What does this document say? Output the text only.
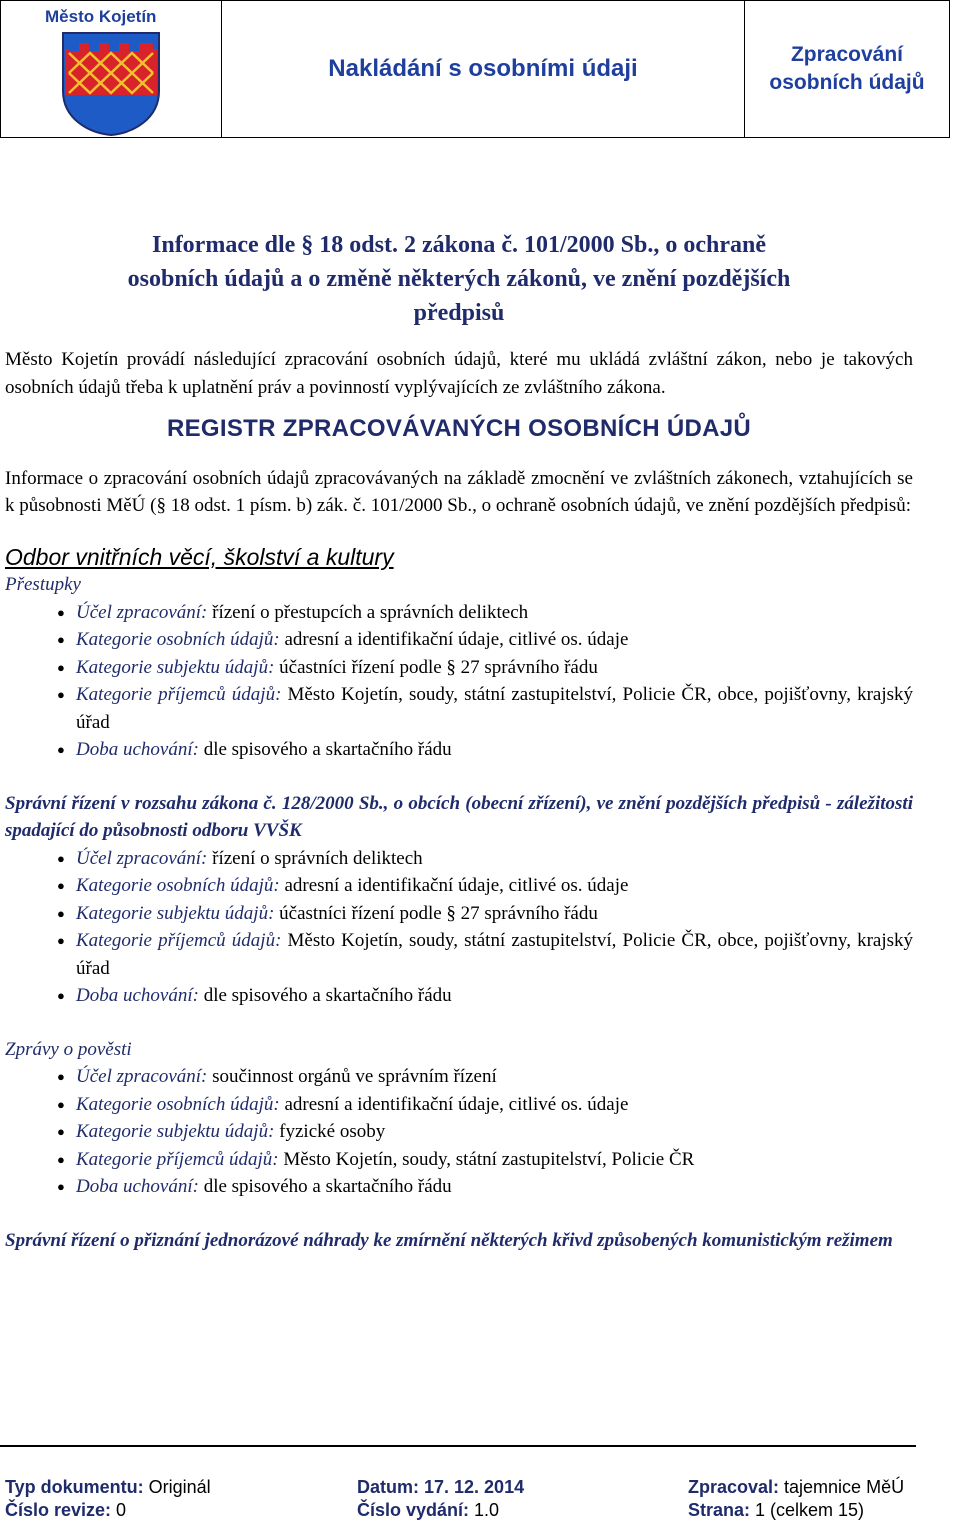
Město Kojetín
Nakládání s osobními údaji
Zpracování
osobních údajů
Informace dle § 18 odst. 2 zákona č. 101/2000 Sb., o ochraně
osobních údajů a o změně některých zákonů, ve znění pozdějších
předpisů
Město Kojetín provádí následující zpracování osobních údajů, které mu ukládá zvláštní zákon, nebo je takových osobních údajů třeba k uplatnění práv a povinností vyplývajících ze zvláštního zákona.
REGISTR ZPRACOVÁVANÝCH OSOBNÍCH ÚDAJŮ
Informace o zpracování osobních údajů zpracovávaných na základě zmocnění ve zvláštních zákonech, vztahujících se k působnosti MěÚ (§ 18 odst. 1 písm. b) zák. č. 101/2000 Sb., o ochraně osobních údajů, ve znění pozdějších předpisů:
Odbor vnitřních věcí, školství a kultury
Přestupky
● Účel zpracování: řízení o přestupcích a správních deliktech
● Kategorie osobních údajů: adresní a identifikační údaje, citlivé os. údaje
● Kategorie subjektu údajů: účastníci řízení podle § 27 správního řádu
● Kategorie příjemců údajů: Město Kojetín, soudy, státní zastupitelství, Policie ČR, obce, pojišťovny, krajský úřad
● Doba uchování: dle spisového a skartačního řádu
Správní řízení v rozsahu zákona č. 128/2000 Sb., o obcích (obecní zřízení), ve znění pozdějších předpisů - záležitosti spadající do působnosti odboru VVŠK
● Účel zpracování: řízení o správních deliktech
● Kategorie osobních údajů: adresní a identifikační údaje, citlivé os. údaje
● Kategorie subjektu údajů: účastníci řízení podle § 27 správního řádu
● Kategorie příjemců údajů: Město Kojetín, soudy, státní zastupitelství, Policie ČR, obce, pojišťovny, krajský úřad
● Doba uchování: dle spisového a skartačního řádu
Zprávy o pověsti
● Účel zpracování: součinnost orgánů ve správním řízení
● Kategorie osobních údajů: adresní a identifikační údaje, citlivé os. údaje
● Kategorie subjektu údajů: fyzické osoby
● Kategorie příjemců údajů: Město Kojetín, soudy, státní zastupitelství, Policie ČR
● Doba uchování: dle spisového a skartačního řádu
Správní řízení o přiznání jednorázové náhrady ke zmírnění některých křivd způsobených komunistickým režimem
Typ dokumentu: Originál
Číslo revize: 0
Datum: 17. 12. 2014
Číslo vydání: 1.0
Zpracoval: tajemnice MěÚ
Strana: 1 (celkem 15)
